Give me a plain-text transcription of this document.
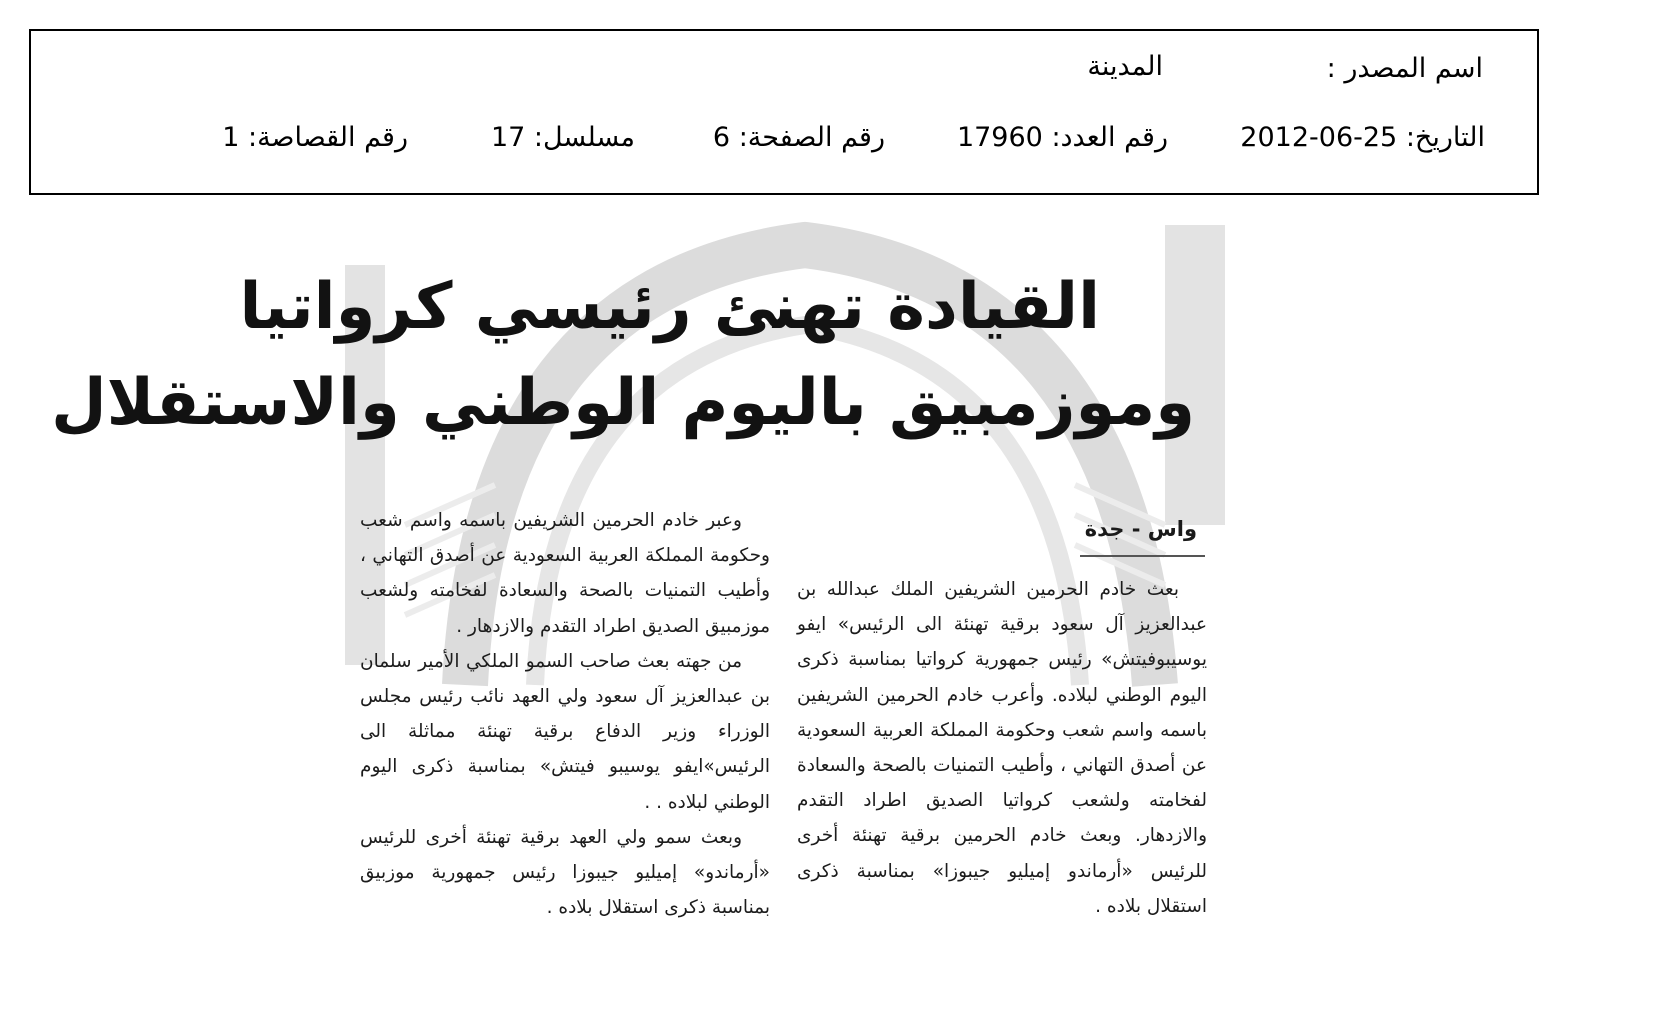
اسم المصدر :
المدينة
التاريخ: 25-06-2012
رقم العدد: 17960
رقم الصفحة: 6
مسلسل: 17
رقم القصاصة: 1
القيادة تهنئ رئيسي كرواتيا
وموزمبيق باليوم الوطني والاستقلال
واس - جدة

بعث خادم الحرمين الشريفين الملك عبدالله بن عبدالعزيز آل سعود برقية تهنئة الى الرئيس» ايفو يوسيبوفيتش» رئيس جمهورية كرواتيا بمناسبة ذكرى اليوم الوطني لبلاده. وأعرب خادم الحرمين الشريفين باسمه واسم شعب وحكومة المملكة العربية السعودية عن أصدق التهاني ، وأطيب التمنيات بالصحة والسعادة لفخامته ولشعب كرواتيا الصديق اطراد التقدم والازدهار. وبعث خادم الحرمين برقية تهنئة أخرى للرئيس «أرماندو إميليو جيبوزا» بمناسبة ذكرى استقلال بلاده .

وعبر خادم الحرمين الشريفين باسمه واسم شعب وحكومة المملكة العربية السعودية عن أصدق التهاني ، وأطيب التمنيات بالصحة والسعادة لفخامته ولشعب موزمبيق الصديق اطراد التقدم والازدهار .

من جهته بعث صاحب السمو الملكي الأمير سلمان بن عبدالعزيز آل سعود ولي العهد نائب رئيس مجلس الوزراء وزير الدفاع برقية تهنئة مماثلة الى الرئيس»ايفو يوسيبو فيتش» بمناسبة ذكرى اليوم الوطني لبلاده . .

وبعث سمو ولي العهد برقية تهنئة أخرى للرئيس «أرماندو» إميليو جيبوزا رئيس جمهورية موزبيق بمناسبة ذكرى استقلال بلاده .
